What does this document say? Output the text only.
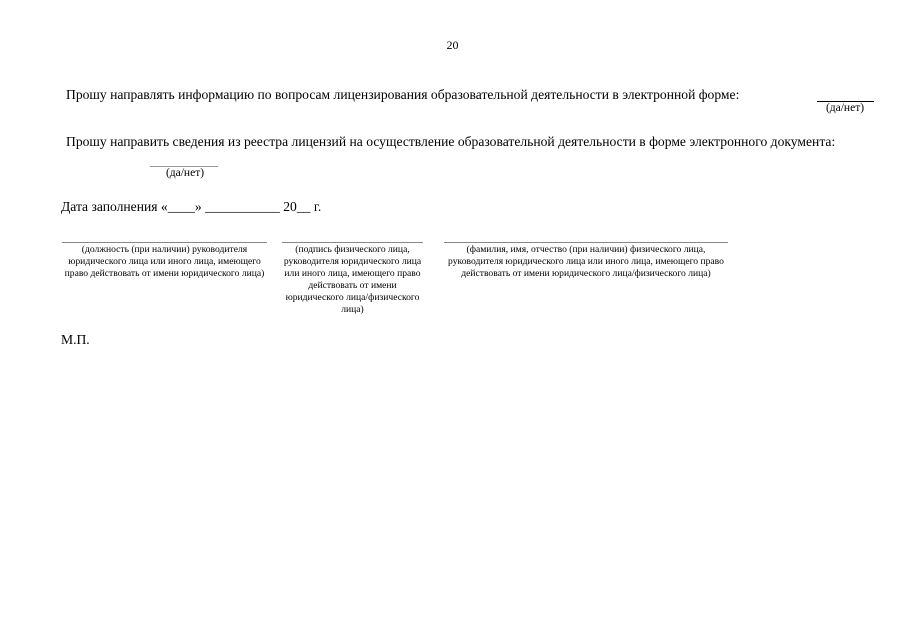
20
Прошу направлять информацию по вопросам лицензирования образовательной деятельности в электронной форме:
(да/нет)
Прошу направить сведения из реестра лицензий на осуществление образовательной деятельности в форме электронного документа:
(да/нет)
Дата заполнения «____» ___________ 20__ г.
(должность (при наличии) руководителя юридического лица или иного лица, имеющего право действовать от имени юридического лица)
(подпись физического лица, руководителя юридического лица или иного лица, имеющего право действовать от имени юридического лица/физического лица)
(фамилия, имя, отчество (при наличии) физического лица, руководителя юридического лица или иного лица, имеющего право действовать от имени юридического лица/физического лица)
М.П.
